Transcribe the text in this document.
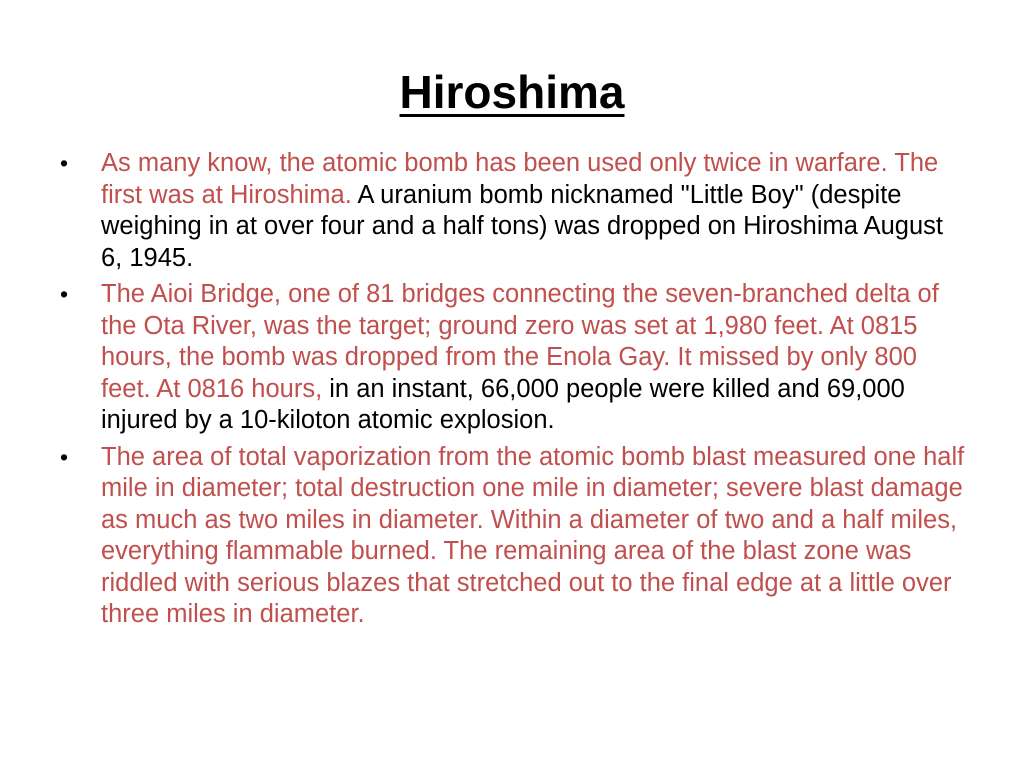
Hiroshima
• As many know, the atomic bomb has been used only twice in warfare. The first was at Hiroshima. A uranium bomb nicknamed "Little Boy" (despite weighing in at over four and a half tons) was dropped on Hiroshima August 6, 1945.
• The Aioi Bridge, one of 81 bridges connecting the seven-branched delta of the Ota River, was the target; ground zero was set at 1,980 feet. At 0815 hours, the bomb was dropped from the Enola Gay. It missed by only 800 feet. At 0816 hours, in an instant, 66,000 people were killed and 69,000 injured by a 10-kiloton atomic explosion.
• The area of total vaporization from the atomic bomb blast measured one half mile in diameter; total destruction one mile in diameter; severe blast damage as much as two miles in diameter. Within a diameter of two and a half miles, everything flammable burned. The remaining area of the blast zone was riddled with serious blazes that stretched out to the final edge at a little over three miles in diameter.
